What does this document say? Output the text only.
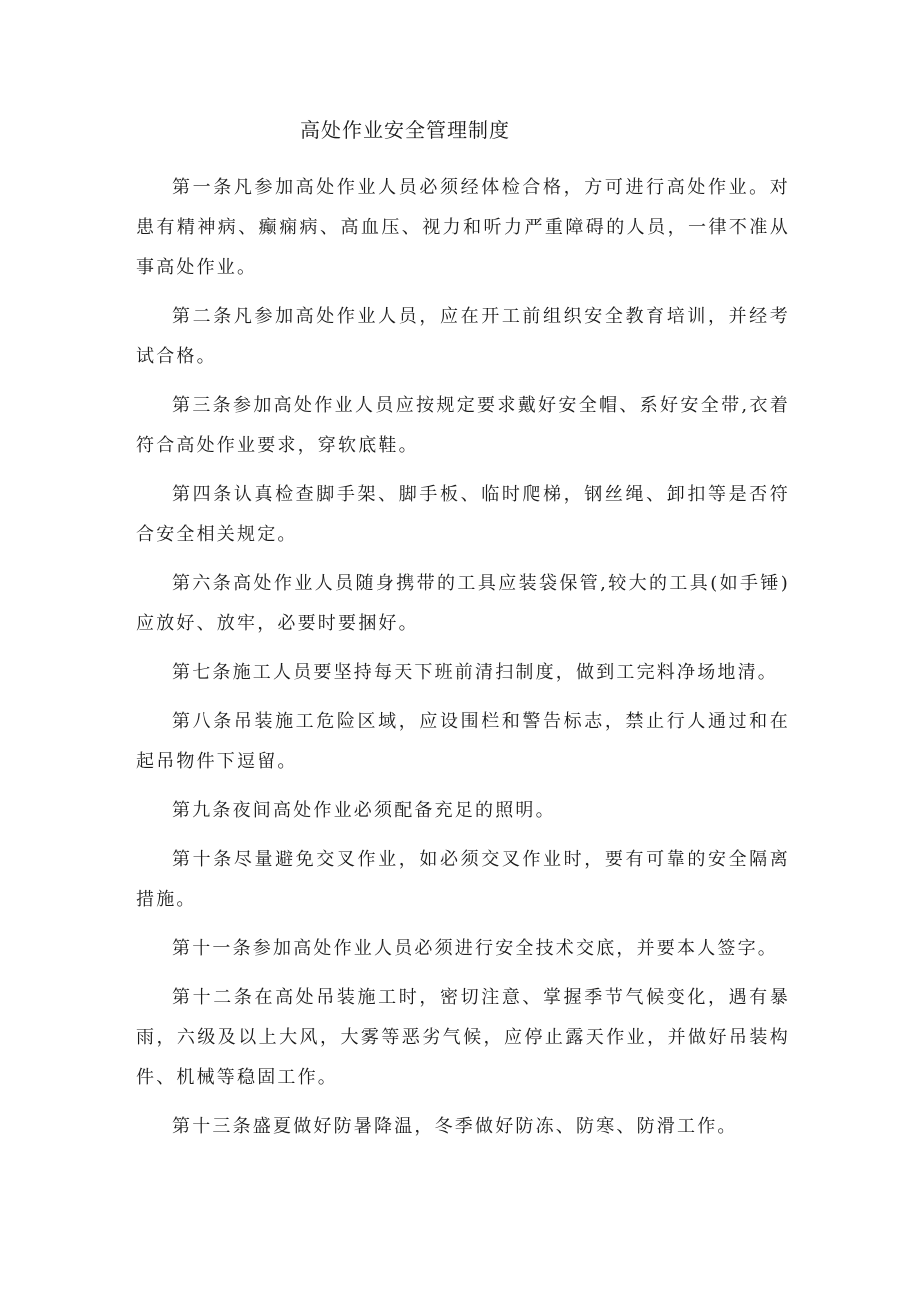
高处作业安全管理制度

第一条凡参加高处作业人员必须经体检合格，方可进行高处作业。对患有精神病、癫痫病、高血压、视力和听力严重障碍的人员，一律不准从事高处作业。

第二条凡参加高处作业人员，应在开工前组织安全教育培训，并经考试合格。

第三条参加高处作业人员应按规定要求戴好安全帽、系好安全带,衣着符合高处作业要求，穿软底鞋。

第四条认真检查脚手架、脚手板、临时爬梯，钢丝绳、卸扣等是否符合安全相关规定。

第六条高处作业人员随身携带的工具应装袋保管,较大的工具(如手锤)应放好、放牢，必要时要捆好。

第七条施工人员要坚持每天下班前清扫制度，做到工完料净场地清。

第八条吊装施工危险区域，应设围栏和警告标志，禁止行人通过和在起吊物件下逗留。

第九条夜间高处作业必须配备充足的照明。

第十条尽量避免交叉作业，如必须交叉作业时，要有可靠的安全隔离措施。

第十一条参加高处作业人员必须进行安全技术交底，并要本人签字。

第十二条在高处吊装施工时，密切注意、掌握季节气候变化，遇有暴雨，六级及以上大风，大雾等恶劣气候，应停止露天作业，并做好吊装构件、机械等稳固工作。

第十三条盛夏做好防暑降温，冬季做好防冻、防寒、防滑工作。
